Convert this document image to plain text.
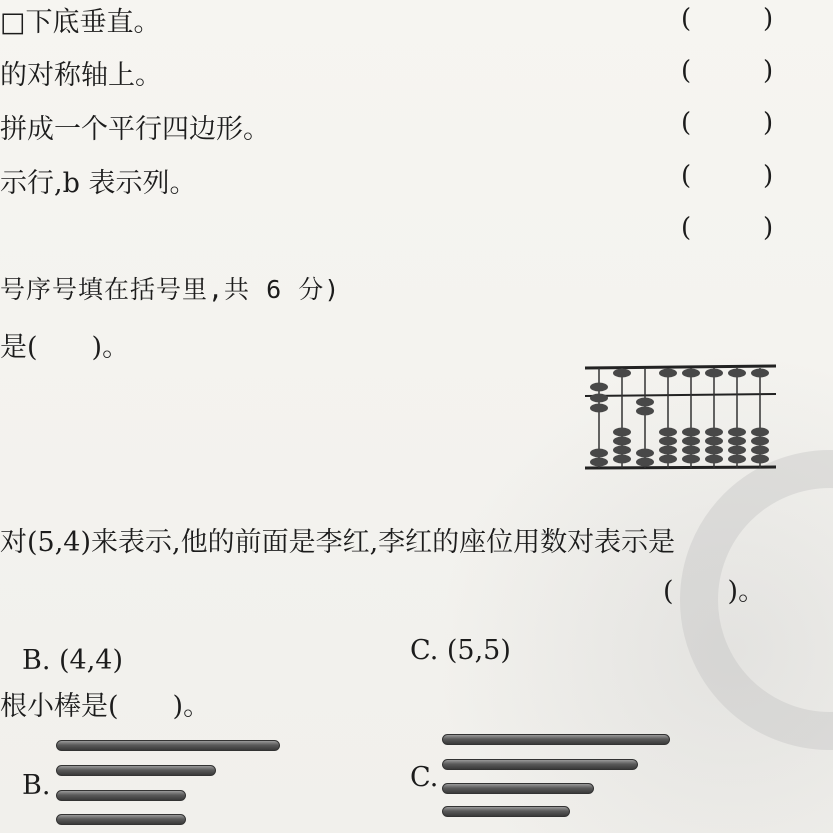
□下底垂直。
的对称轴上。
拼成一个平行四边形。
示行,b 表示列。
(	)
(	)
(	)
(	)
(	)
号序号填在括号里,共 6 分)
是(　　)。
对(5,4)来表示,他的前面是李红,李红的座位用数对表示是
(　　)。
B. (4,4)	C. (5,5)
根小棒是(　　)。
B.	C.
